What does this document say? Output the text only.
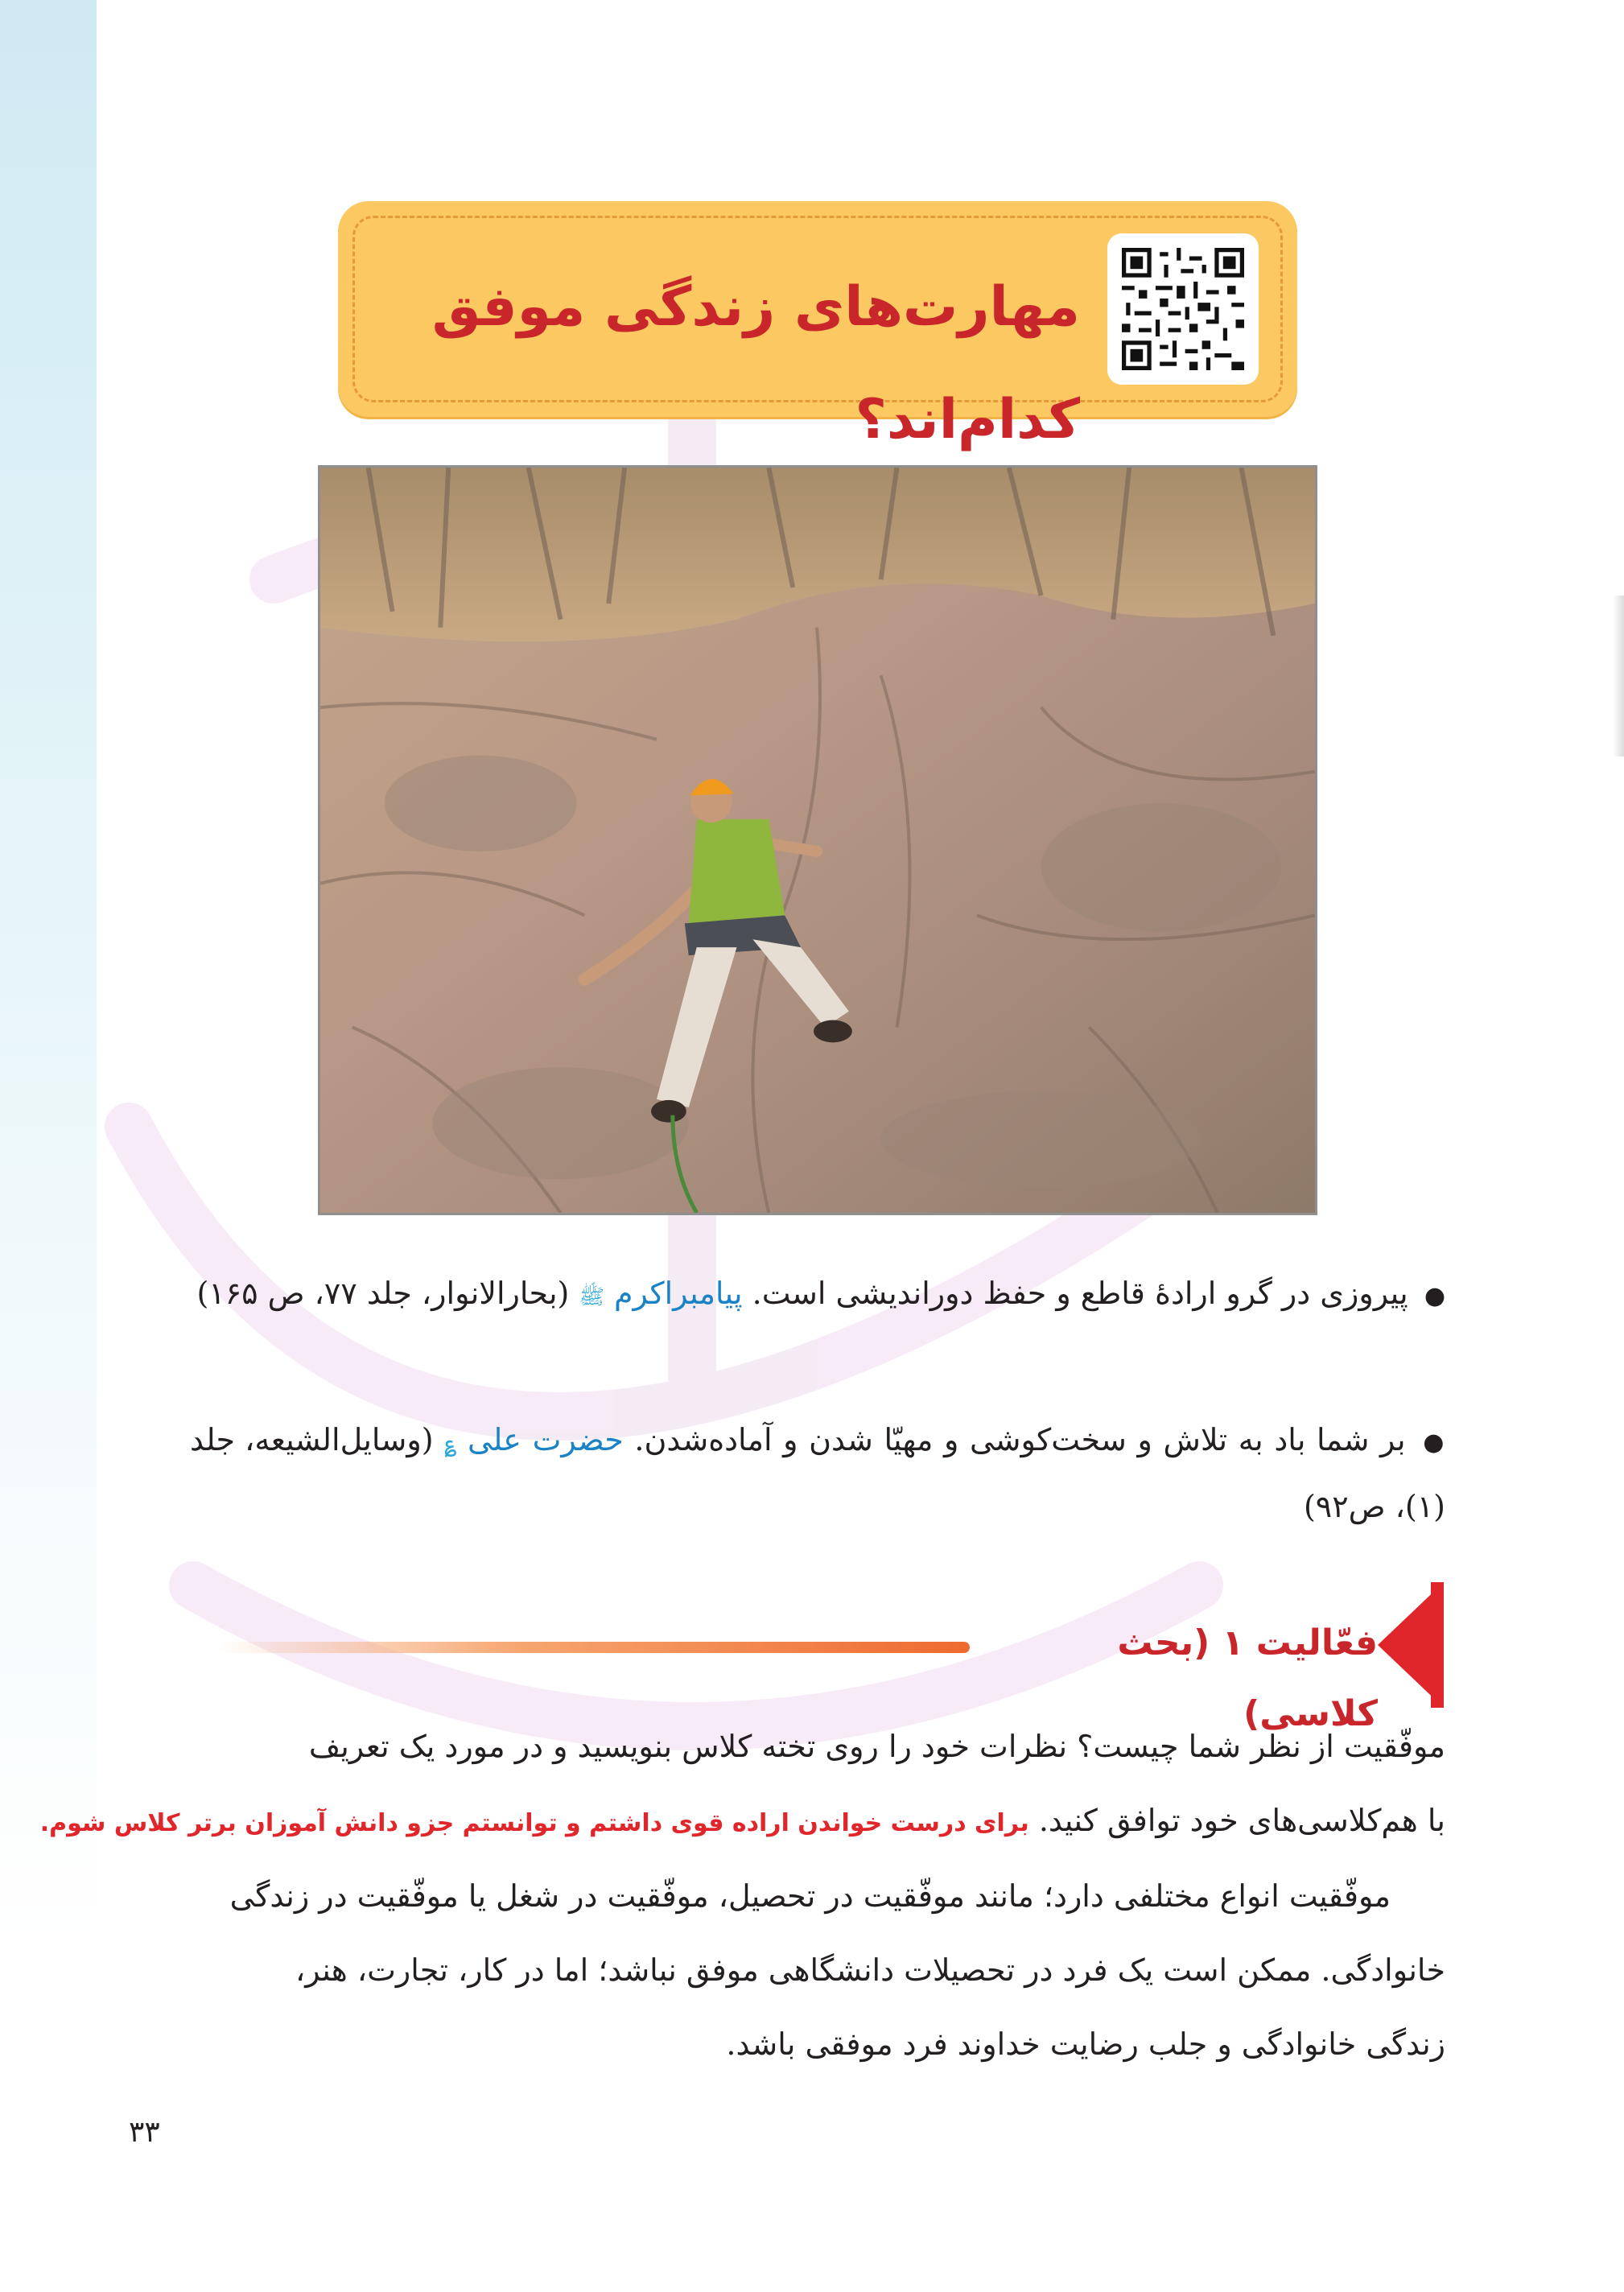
مهارت‌های زندگی موفق کدام‌اند؟
● پیروزی در گرو ارادهٔ قاطع و حفظ دوراندیشی است. پیامبراکرم ﷺ (بحارالانوار، جلد ۷۷، ص ۱۶۵)
● بر شما باد به تلاش و سخت‌کوشی و مهیّا شدن و آماده‌شدن. حضرت علی ؏ (وسایل‌الشیعه، جلد (۱)، ص۹۲)
فعّالیت ۱ (بحث کلاسی)
موفّقیت از نظر شما چیست؟ نظرات خود را روی تخته کلاس بنویسید و در مورد یک تعریف
با هم‌کلاسی‌های خود توافق کنید. برای درست خواندن اراده قوی داشتم و توانستم جزو دانش آموزان برتر کلاس شوم.
موفّقیت انواع مختلفی دارد؛ مانند موفّقیت در تحصیل، موفّقیت در شغل یا موفّقیت در زندگی
خانوادگی. ممکن است یک فرد در تحصیلات دانشگاهی موفق نباشد؛ اما در کار، تجارت، هنر،
زندگی خانوادگی و جلب رضایت خداوند فرد موفقی باشد.
۳۳
